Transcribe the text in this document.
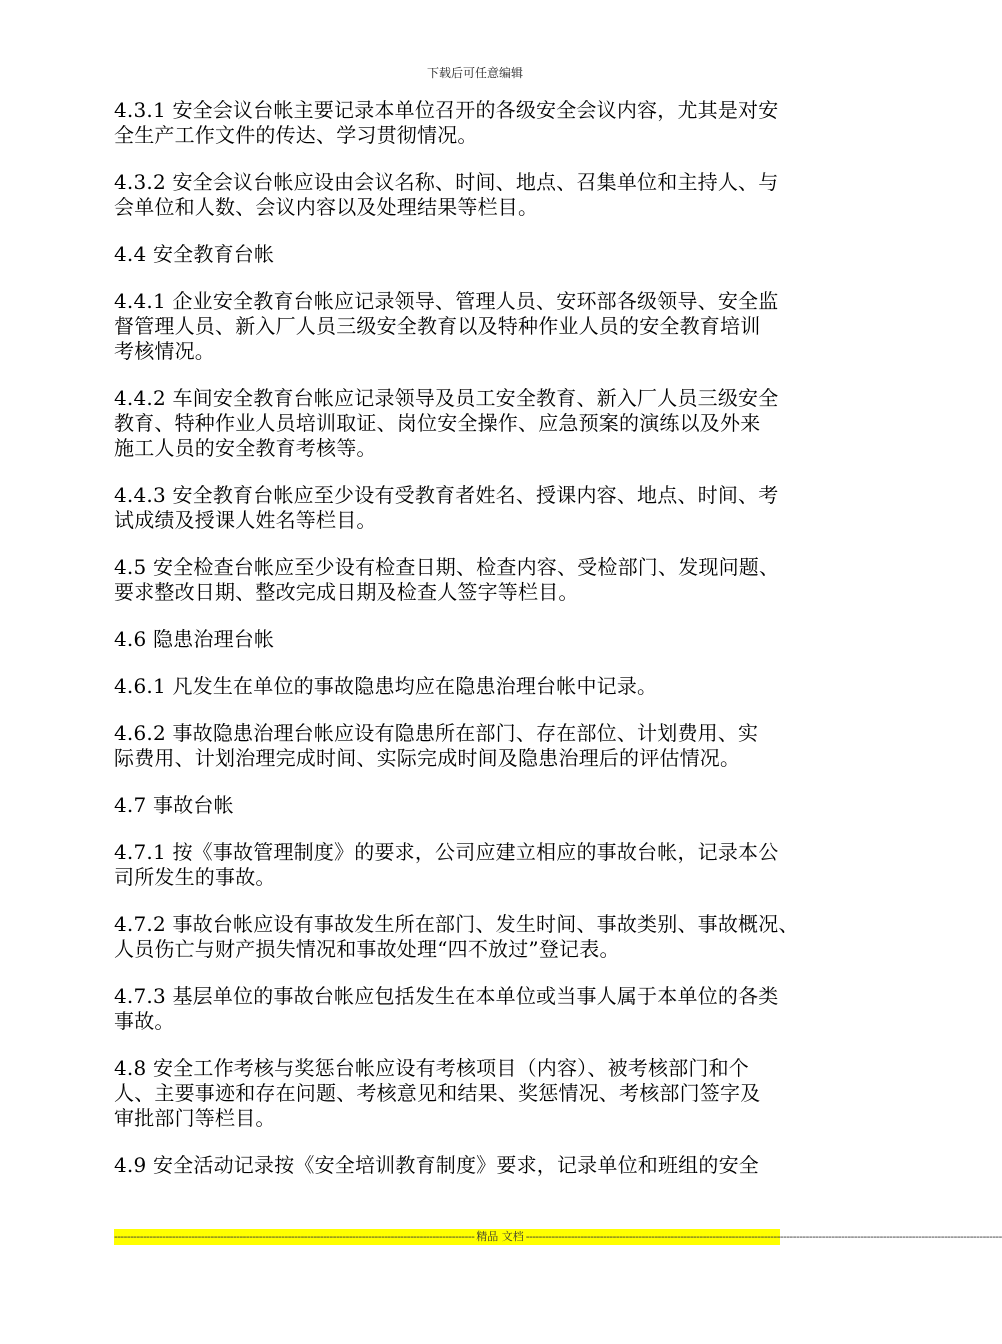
下载后可任意编辑
4.3.1 安全会议台帐主要记录本单位召开的各级安全会议内容，尤其是对安
全生产工作文件的传达、学习贯彻情况。
4.3.2 安全会议台帐应设由会议名称、时间、地点、召集单位和主持人、与
会单位和人数、会议内容以及处理结果等栏目。
4.4 安全教育台帐
4.4.1 企业安全教育台帐应记录领导、管理人员、安环部各级领导、安全监
督管理人员、新入厂人员三级安全教育以及特种作业人员的安全教育培训
考核情况。
4.4.2 车间安全教育台帐应记录领导及员工安全教育、新入厂人员三级安全
教育、特种作业人员培训取证、岗位安全操作、应急预案的演练以及外来
施工人员的安全教育考核等。
4.4.3 安全教育台帐应至少设有受教育者姓名、授课内容、地点、时间、考
试成绩及授课人姓名等栏目。
4.5 安全检查台帐应至少设有检查日期、检查内容、受检部门、发现问题、
要求整改日期、整改完成日期及检查人签字等栏目。
4.6 隐患治理台帐
4.6.1 凡发生在单位的事故隐患均应在隐患治理台帐中记录。
4.6.2 事故隐患治理台帐应设有隐患所在部门、存在部位、计划费用、实
际费用、计划治理完成时间、实际完成时间及隐患治理后的评估情况。
4.7 事故台帐
4.7.1 按《事故管理制度》的要求，公司应建立相应的事故台帐，记录本公
司所发生的事故。
4.7.2 事故台帐应设有事故发生所在部门、发生时间、事故类别、事故概况、
人员伤亡与财产损失情况和事故处理“四不放过”登记表。
4.7.3 基层单位的事故台帐应包括发生在本单位或当事人属于本单位的各类
事故。
4.8 安全工作考核与奖惩台帐应设有考核项目（内容）、被考核部门和个
人、主要事迹和存在问题、考核意见和结果、奖惩情况、考核部门签字及
审批部门等栏目。
4.9 安全活动记录按《安全培训教育制度》要求，记录单位和班组的安全
---------------------------------------------------------------------------------------------------------------- 精品 文档 ----------------------------------------------------------------------------------------------------------------------------------------------------
